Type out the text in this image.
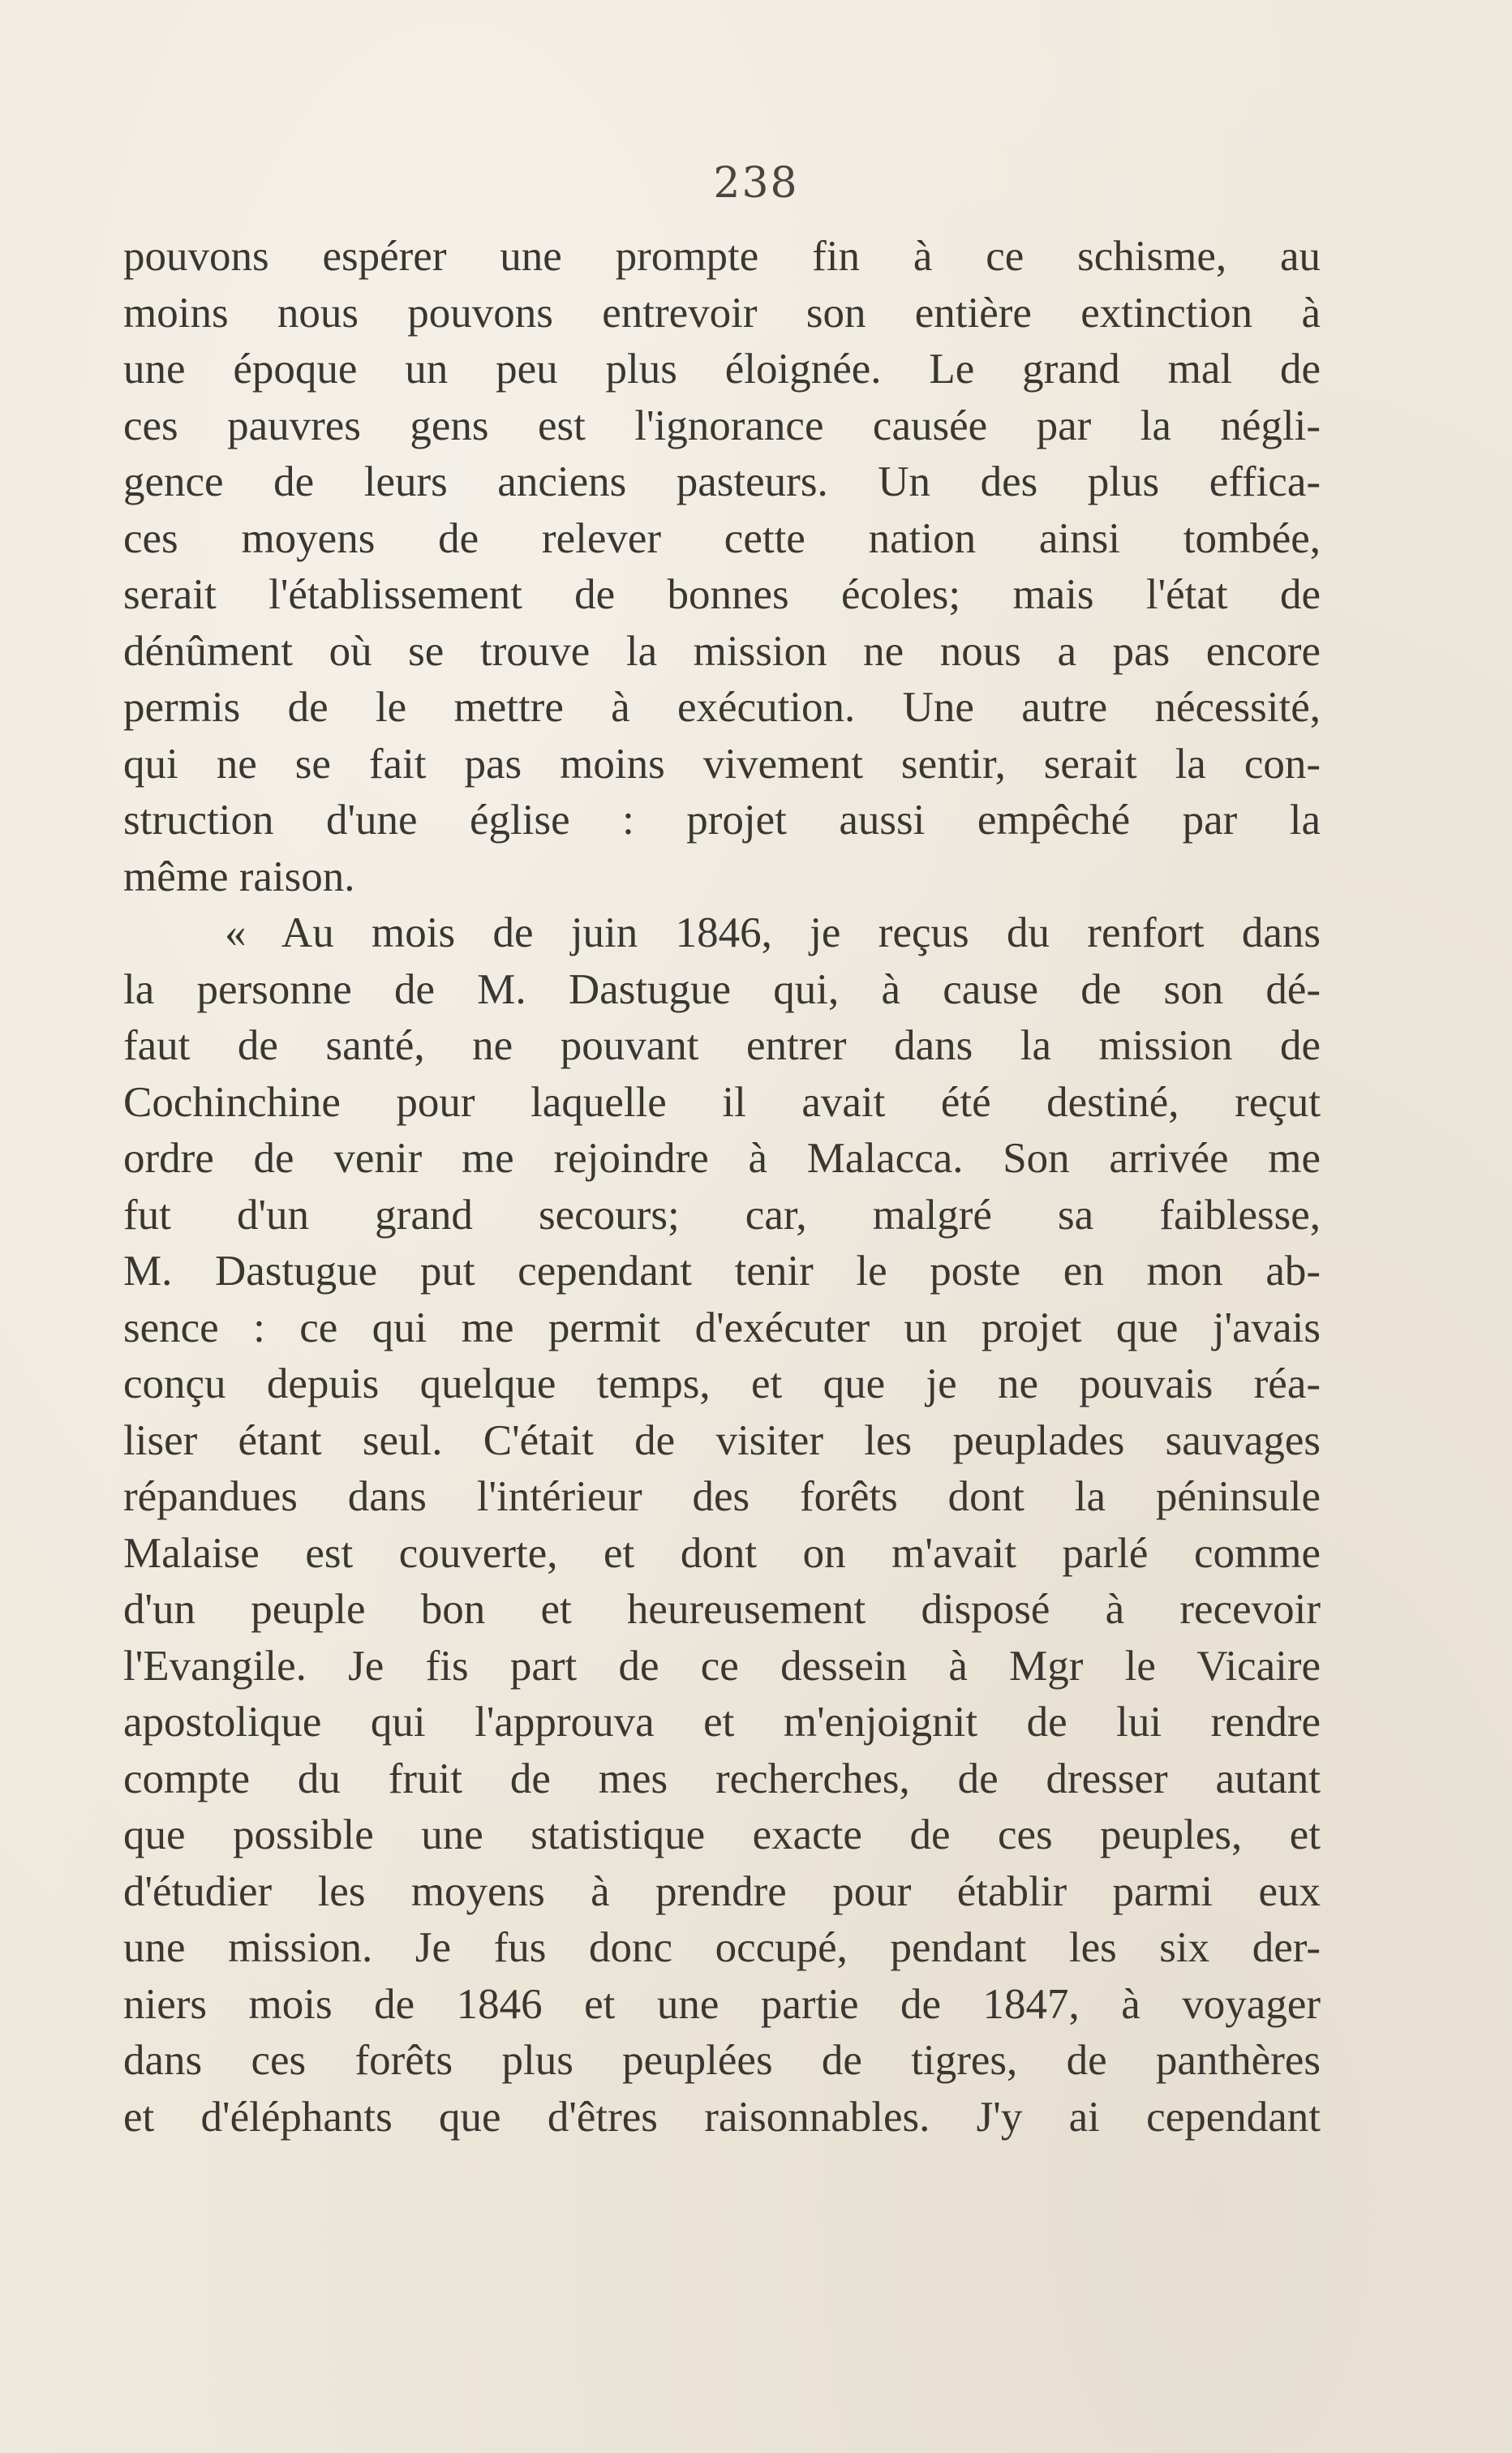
238
pouvons espérer une prompte fin à ce schisme, au
moins nous pouvons entrevoir son entière extinction à
une époque un peu plus éloignée. Le grand mal de
ces pauvres gens est l'ignorance causée par la négli-
gence de leurs anciens pasteurs. Un des plus effica-
ces moyens de relever cette nation ainsi tombée,
serait l'établissement de bonnes écoles; mais l'état de
dénûment où se trouve la mission ne nous a pas encore
permis de le mettre à exécution. Une autre nécessité,
qui ne se fait pas moins vivement sentir, serait la con-
struction d'une église : projet aussi empêché par la
même raison.
« Au mois de juin 1846, je reçus du renfort dans
la personne de M. Dastugue qui, à cause de son dé-
faut de santé, ne pouvant entrer dans la mission de
Cochinchine pour laquelle il avait été destiné, reçut
ordre de venir me rejoindre à Malacca. Son arrivée me
fut d'un grand secours; car, malgré sa faiblesse,
M. Dastugue put cependant tenir le poste en mon ab-
sence : ce qui me permit d'exécuter un projet que j'avais
conçu depuis quelque temps, et que je ne pouvais réa-
liser étant seul. C'était de visiter les peuplades sauvages
répandues dans l'intérieur des forêts dont la péninsule
Malaise est couverte, et dont on m'avait parlé comme
d'un peuple bon et heureusement disposé à recevoir
l'Evangile. Je fis part de ce dessein à Mgr le Vicaire
apostolique qui l'approuva et m'enjoignit de lui rendre
compte du fruit de mes recherches, de dresser autant
que possible une statistique exacte de ces peuples, et
d'étudier les moyens à prendre pour établir parmi eux
une mission. Je fus donc occupé, pendant les six der-
niers mois de 1846 et une partie de 1847, à voyager
dans ces forêts plus peuplées de tigres, de panthères
et d'éléphants que d'êtres raisonnables. J'y ai cependant
